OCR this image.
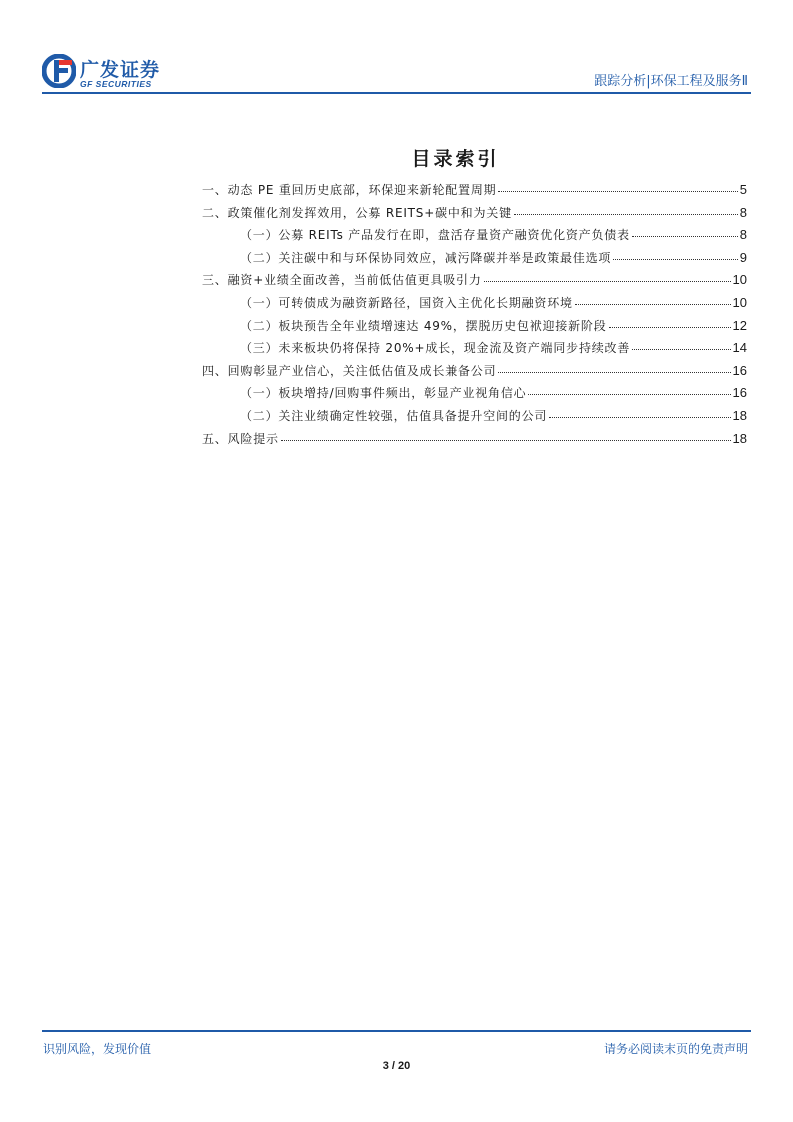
广发证券
GF SECURITIES	跟踪分析|环保工程及服务Ⅱ
目录索引
一、动态 PE 重回历史底部，环保迎来新轮配置周期	5
二、政策催化剂发挥效用，公募 REITS+碳中和为关键	8
（一）公募 REITs 产品发行在即，盘活存量资产融资优化资产负债表	8
（二）关注碳中和与环保协同效应，减污降碳并举是政策最佳选项	9
三、融资+业绩全面改善，当前低估值更具吸引力	10
（一）可转债成为融资新路径，国资入主优化长期融资环境	10
（二）板块预告全年业绩增速达 49%，摆脱历史包袱迎接新阶段	12
（三）未来板块仍将保持 20%+成长，现金流及资产端同步持续改善	14
四、回购彰显产业信心，关注低估值及成长兼备公司	16
（一）板块增持/回购事件频出，彰显产业视角信心	16
（二）关注业绩确定性较强，估值具备提升空间的公司	18
五、风险提示	18
识别风险，发现价值	请务必阅读末页的免责声明
3 / 20
